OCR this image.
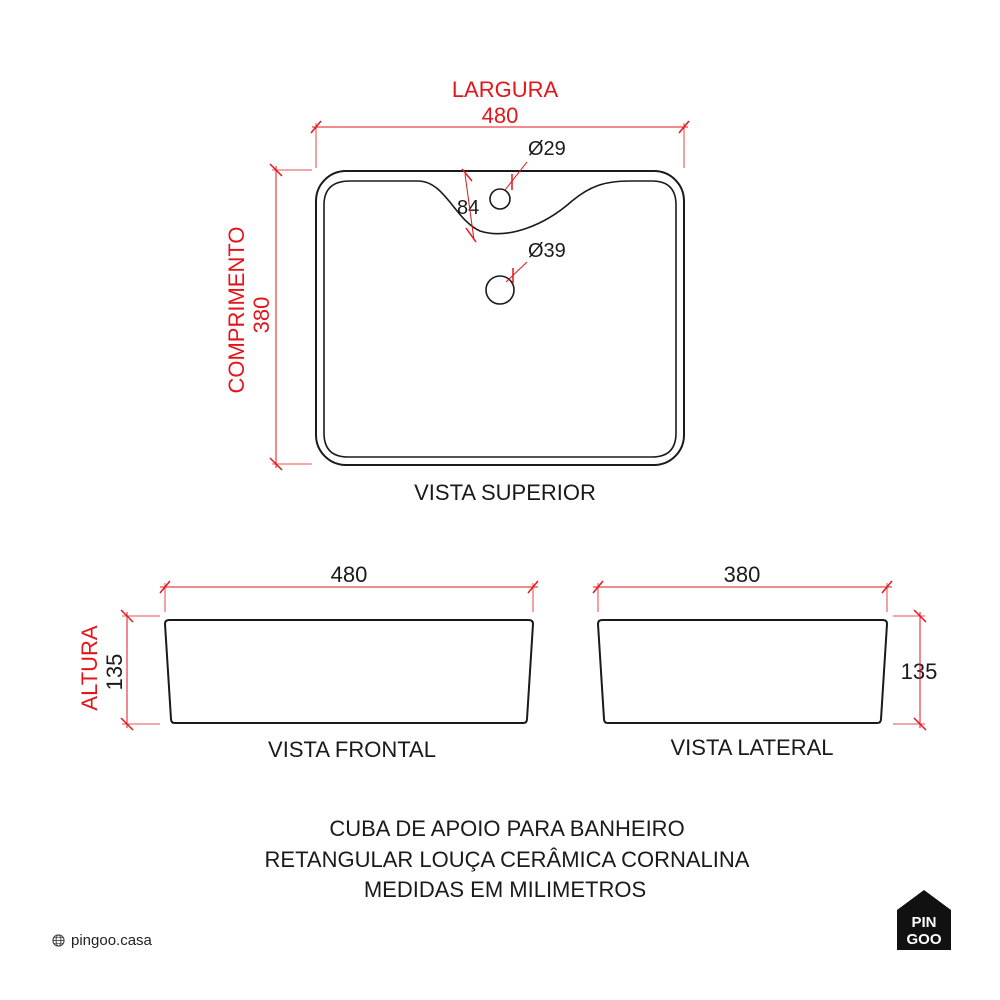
LARGURA
480
COMPRIMENTO 380
Ø29
Ø39
84
VISTA SUPERIOR
480
ALTURA 135
VISTA FRONTAL
380
135
VISTA LATERAL
CUBA DE APOIO PARA BANHEIRO
RETANGULAR LOUÇA CERÂMICA CORNALINA
MEDIDAS EM MILIMETROS
pingoo.casa
PIN
GOO
